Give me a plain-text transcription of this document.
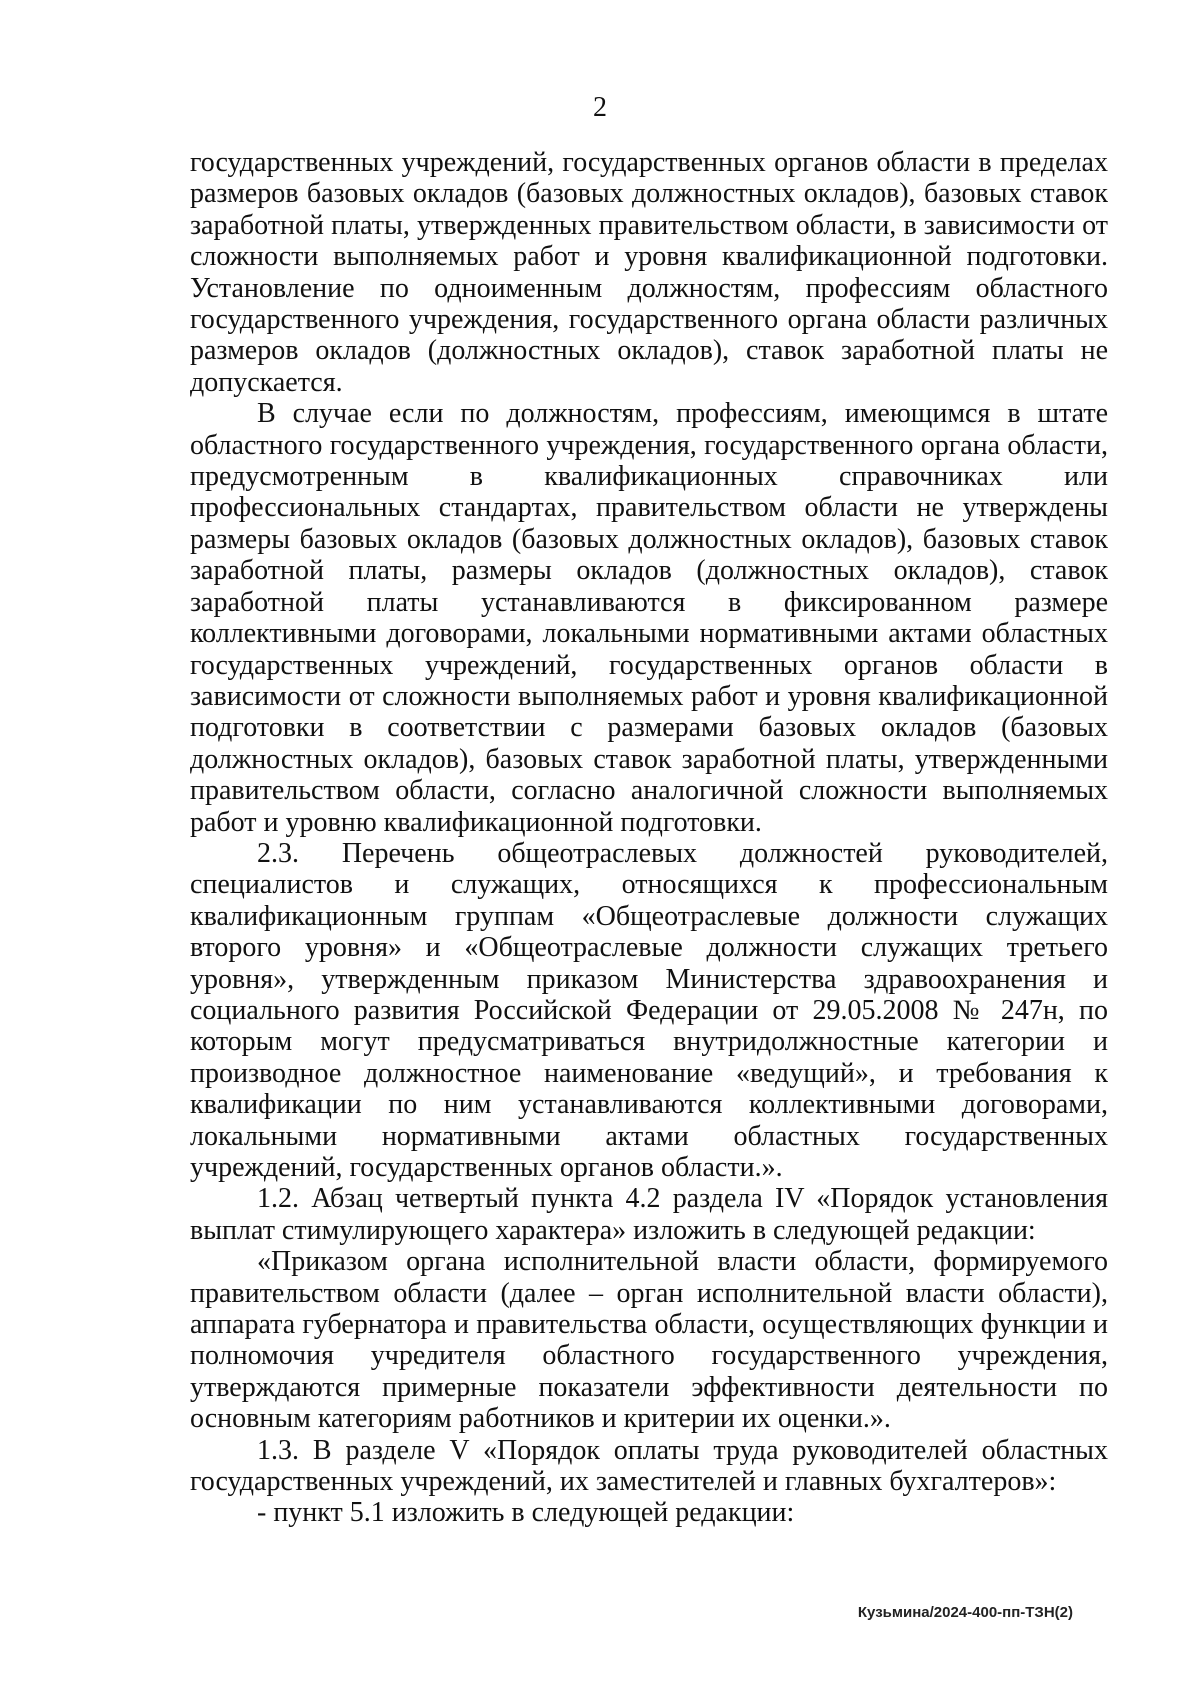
2

государственных учреждений, государственных органов области в пределах размеров базовых окладов (базовых должностных окладов), базовых ставок заработной платы, утвержденных правительством области, в зависимости от сложности выполняемых работ и уровня квалификационной подготовки. Установление по одноименным должностям, профессиям областного государственного учреждения, государственного органа области различных размеров окладов (должностных окладов), ставок заработной платы не допускается.

В случае если по должностям, профессиям, имеющимся в штате областного государственного учреждения, государственного органа области, предусмотренным в квалификационных справочниках или профессиональных стандартах, правительством области не утверждены размеры базовых окладов (базовых должностных окладов), базовых ставок заработной платы, размеры окладов (должностных окладов), ставок заработной платы устанавливаются в фиксированном размере коллективными договорами, локальными нормативными актами областных государственных учреждений, государственных органов области в зависимости от сложности выполняемых работ и уровня квалификационной подготовки в соответствии с размерами базовых окладов (базовых должностных окладов), базовых ставок заработной платы, утвержденными правительством области, согласно аналогичной сложности выполняемых работ и уровню квалификационной подготовки.

2.3. Перечень общеотраслевых должностей руководителей, специалистов и служащих, относящихся к профессиональным квалификационным группам «Общеотраслевые должности служащих второго уровня» и «Общеотраслевые должности служащих третьего уровня», утвержденным приказом Министерства здравоохранения и социального развития Российской Федерации от 29.05.2008 № 247н, по которым могут предусматриваться внутридолжностные категории и производное должностное наименование «ведущий», и требования к квалификации по ним устанавливаются коллективными договорами, локальными нормативными актами областных государственных учреждений, государственных органов области.».

1.2. Абзац четвертый пункта 4.2 раздела IV «Порядок установления выплат стимулирующего характера» изложить в следующей редакции:

«Приказом органа исполнительной власти области, формируемого правительством области (далее – орган исполнительной власти области), аппарата губернатора и правительства области, осуществляющих функции и полномочия учредителя областного государственного учреждения, утверждаются примерные показатели эффективности деятельности по основным категориям работников и критерии их оценки.».

1.3. В разделе V «Порядок оплаты труда руководителей областных государственных учреждений, их заместителей и главных бухгалтеров»:

- пункт 5.1 изложить в следующей редакции:

Кузьмина/2024-400-пп-ТЗН(2)
